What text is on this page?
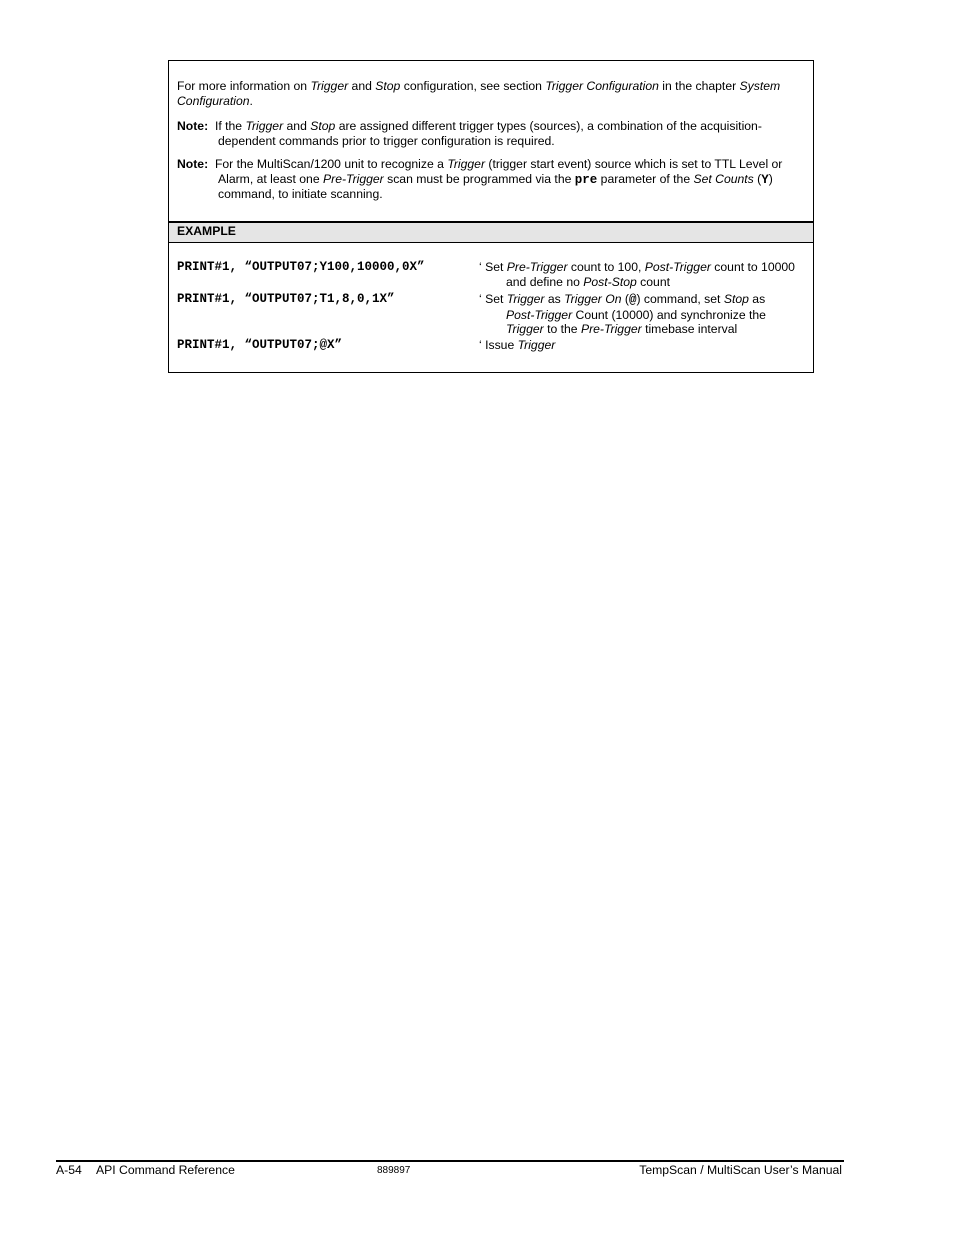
For more information on Trigger and Stop configuration, see section Trigger Configuration in the chapter System
Configuration.
Note: If the Trigger and Stop are assigned different trigger types (sources), a combination of the acquisition-
dependent commands prior to trigger configuration is required.
Note: For the MultiScan/1200 unit to recognize a Trigger (trigger start event) source which is set to TTL Level or
Alarm, at least one Pre-Trigger scan must be programmed via the pre parameter of the Set Counts (Y)
command, to initiate scanning.
EXAMPLE
PRINT#1, “OUTPUT07;Y100,10000,0X”	‘ Set Pre-Trigger count to 100, Post-Trigger count to 10000
and define no Post-Stop count
PRINT#1, “OUTPUT07;T1,8,0,1X”	‘ Set Trigger as Trigger On (@) command, set Stop as
Post-Trigger Count (10000) and synchronize the
Trigger to the Pre-Trigger timebase interval
PRINT#1, “OUTPUT07;@X”	‘ Issue Trigger
A-54 API Command Reference	889897	TempScan / MultiScan User’s Manual
